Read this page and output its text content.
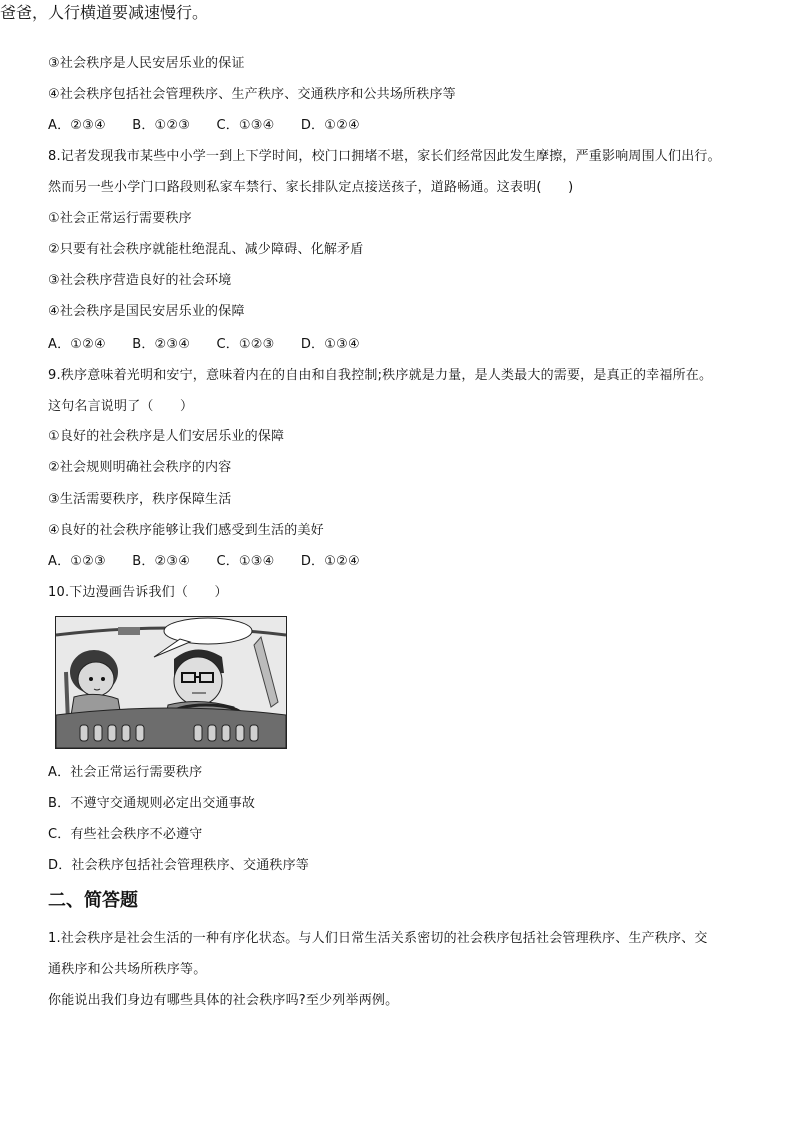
③社会秩序是人民安居乐业的保证
④社会秩序包括社会管理秩序、生产秩序、交通秩序和公共场所秩序等
A．②③④ B．①②③ C．①③④ D．①②④
8.记者发现我市某些中小学一到上下学时间，校门口拥堵不堪，家长们经常因此发生摩擦，严重影响周围人们出行。
然而另一些小学门口路段则私家车禁行、家长排队定点接送孩子，道路畅通。这表明(　　)
①社会正常运行需要秩序
②只要有社会秩序就能杜绝混乱、减少障碍、化解矛盾
③社会秩序营造良好的社会环境
④社会秩序是国民安居乐业的保障
A．①②④ B．②③④ C．①②③ D．①③④
9.秩序意味着光明和安宁，意味着内在的自由和自我控制;秩序就是力量，是人类最大的需要，是真正的幸福所在。
这句名言说明了（　　）
①良好的社会秩序是人们安居乐业的保障
②社会规则明确社会秩序的内容
③生活需要秩序，秩序保障生活
④良好的社会秩序能够让我们感受到生活的美好
A．①②③ B．②③④ C．①③④ D．①②④
10.下边漫画告诉我们（　　）
爸爸，人行横道要减速慢行。
A．社会正常运行需要秩序
B．不遵守交通规则必定出交通事故
C．有些社会秩序不必遵守
D．社会秩序包括社会管理秩序、交通秩序等
二、简答题
1.社会秩序是社会生活的一种有序化状态。与人们日常生活关系密切的社会秩序包括社会管理秩序、生产秩序、交
通秩序和公共场所秩序等。
你能说出我们身边有哪些具体的社会秩序吗?至少列举两例。
